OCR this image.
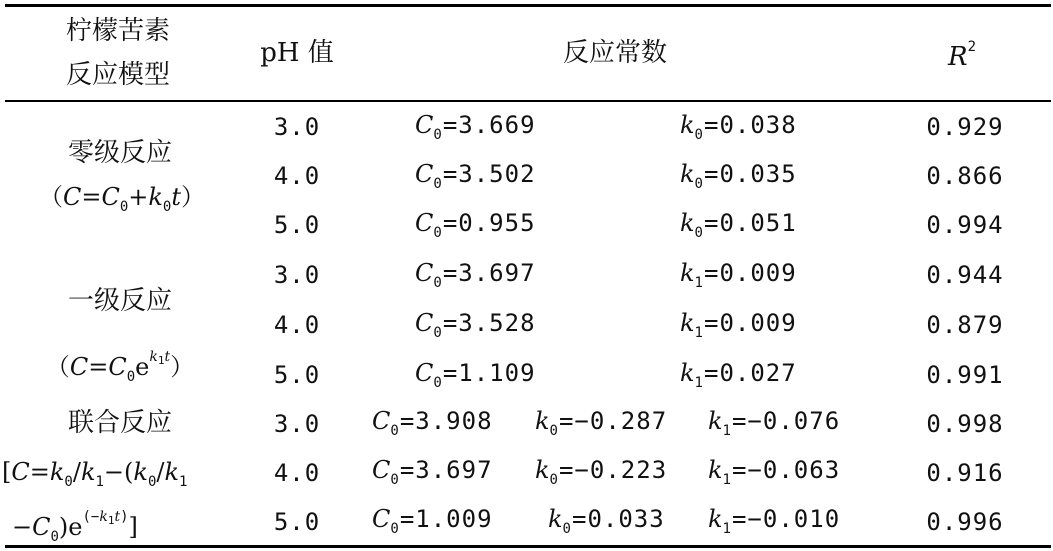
柠檬苦素
反应模型
pH 值	反应常数	$R^2$
零级反应
$(C=C_0+k_0t)$
3.0	$C_0=3.669$	$k_0=0.038$	0.929
4.0	$C_0=3.502$	$k_0=0.035$	0.866
5.0	$C_0=0.955$	$k_0=0.051$	0.994
一级反应
$(C=C_0e^{k_1t})$
3.0	$C_0=3.697$	$k_1=0.009$	0.944
4.0	$C_0=3.528$	$k_1=0.009$	0.879
5.0	$C_0=1.109$	$k_1=0.027$	0.991
联合反应
[$C=k_0/k_1-(k_0/k_1$
$-C_0)e^{(-k_1t)}$]
3.0 $C_0=3.908$ $k_0=-0.287$ $k_1=-0.076$	0.998
4.0 $C_0=3.697$ $k_0=-0.223$ $k_1=-0.063$	0.916
5.0 $C_0=1.009$ $k_0=0.033$ $k_1=-0.010$	0.996
